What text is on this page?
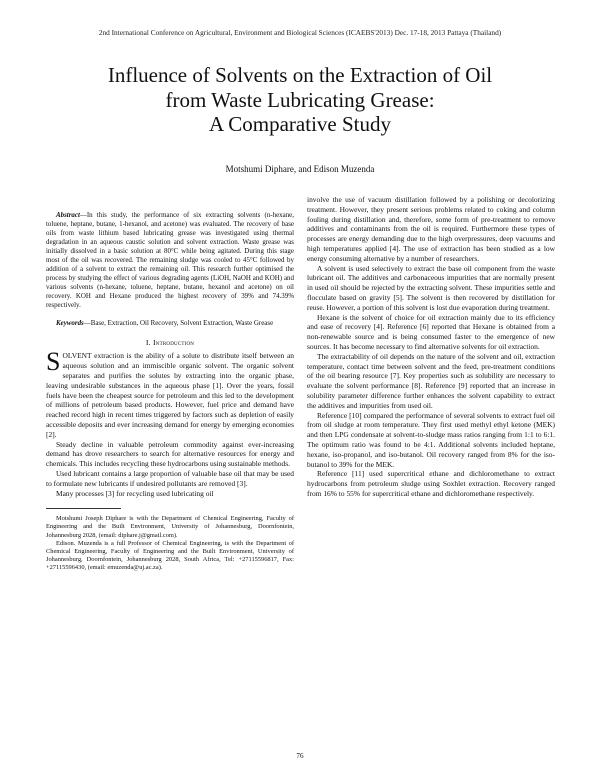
2nd International Conference on Agricultural, Environment and Biological Sciences (ICAEBS'2013) Dec. 17-18, 2013 Pattaya (Thailand)
Influence of Solvents on the Extraction of Oil
from Waste Lubricating Grease:
A Comparative Study
Motshumi Diphare, and Edison Muzenda

Abstract—In this study, the performance of six extracting solvents (n-hexane, toluene, heptane, butane, 1-hexanol, and acetone) was evaluated. The recovery of base oils from waste lithium based lubricating grease was investigated using thermal degradation in an aqueous caustic solution and solvent extraction. Waste grease was initially dissolved in a basic solution at 80°C while being agitated. During this stage most of the oil was recovered. The remaining sludge was cooled to 45°C followed by addition of a solvent to extract the remaining oil. This research further optimised the process by studying the effect of various degrading agents (LiOH, NaOH and KOH) and various solvents (n-hexane, toluene, heptane, butane, hexanol and acetone) on oil recovery. KOH and Hexane produced the highest recovery of 39% and 74.39% respectively.

Keywords—Base, Extraction, Oil Recovery, Solvent Extraction, Waste Grease

I. Introduction

SOLVENT extraction is the ability of a solute to distribute itself between an aqueous solution and an immiscible organic solvent. The organic solvent separates and purifies the solutes by extracting into the organic phase, leaving undesirable substances in the aqueous phase [1]. Over the years, fossil fuels have been the cheapest source for petroleum and this led to the development of millions of petroleum based products. However, fuel price and demand have reached record high in recent times triggered by factors such as depletion of easily accessible deposits and ever increasing demand for energy by emerging economies [2].

Steady decline in valuable petroleum commodity against ever-increasing demand has drove researchers to search for alternative resources for energy and chemicals. This includes recycling these hydrocarbons using sustainable methods.

Used lubricant contains a large proportion of valuable base oil that may be used to formulate new lubricants if undesired pollutants are removed [3].

Many processes [3] for recycling used lubricating oil

Motshumi Joseph Diphare is with the Department of Chemical Engineering, Faculty of Engineering and the Built Environment, University of Johannesburg, Doornfontein, Johannesburg 2028, (email: diphare.j@gmail.com).

Edison. Muzenda is a full Professor of Chemical Engineering, is with the Department of Chemical Engineering, Faculty of Engineering and the Built Environment, University of Johannesburg, Doornfontein, Johannesburg 2028, South Africa, Tel: +27115596817, Fax: +27115596430, (email: emuzenda@uj.ac.za).

involve the use of vacuum distillation followed by a polishing or decolorizing treatment. However, they present serious problems related to coking and column fouling during distillation and, therefore, some form of pre-treatment to remove additives and contaminants from the oil is required. Furthermore these types of processes are energy demanding due to the high overpressures, deep vacuums and high temperatures applied [4]. The use of extraction has been studied as a low energy consuming alternative by a number of researchers.

A solvent is used selectively to extract the base oil component from the waste lubricant oil. The additives and carbonaceous impurities that are normally present in used oil should be rejected by the extracting solvent. These impurities settle and flocculate based on gravity [5]. The solvent is then recovered by distillation for reuse. However, a portion of this solvent is lost due evaporation during treatment.

Hexane is the solvent of choice for oil extraction mainly due to its efficiency and ease of recovery [4]. Reference [6] reported that Hexane is obtained from a non-renewable source and is being consumed faster to the emergence of new sources. It has become necessary to find alternative solvents for oil extraction.

The extractability of oil depends on the nature of the solvent and oil, extraction temperature, contact time between solvent and the feed, pre-treatment conditions of the oil bearing resource [7]. Key properties such as solubility are necessary to evaluate the solvent performance [8]. Reference [9] reported that an increase in solubility parameter difference further enhances the solvent capability to extract the additives and impurities from used oil.

Reference [10] compared the performance of several solvents to extract fuel oil from oil sludge at room temperature. They first used methyl ethyl ketone (MEK) and then LPG condensate at solvent-to-sludge mass ratios ranging from 1:1 to 6:1. The optimum ratio was found to be 4:1. Additional solvents included heptane, hexane, iso-propanol, and iso-butanol. Oil recovery ranged from 8% for the iso-butanol to 39% for the MEK.

Reference [11] used supercritical ethane and dichloromethane to extract hydrocarbons from petroleum sludge using Soxhlet extraction. Recovery ranged from 16% to 55% for supercritical ethane and dichloromethane respectively.

76
